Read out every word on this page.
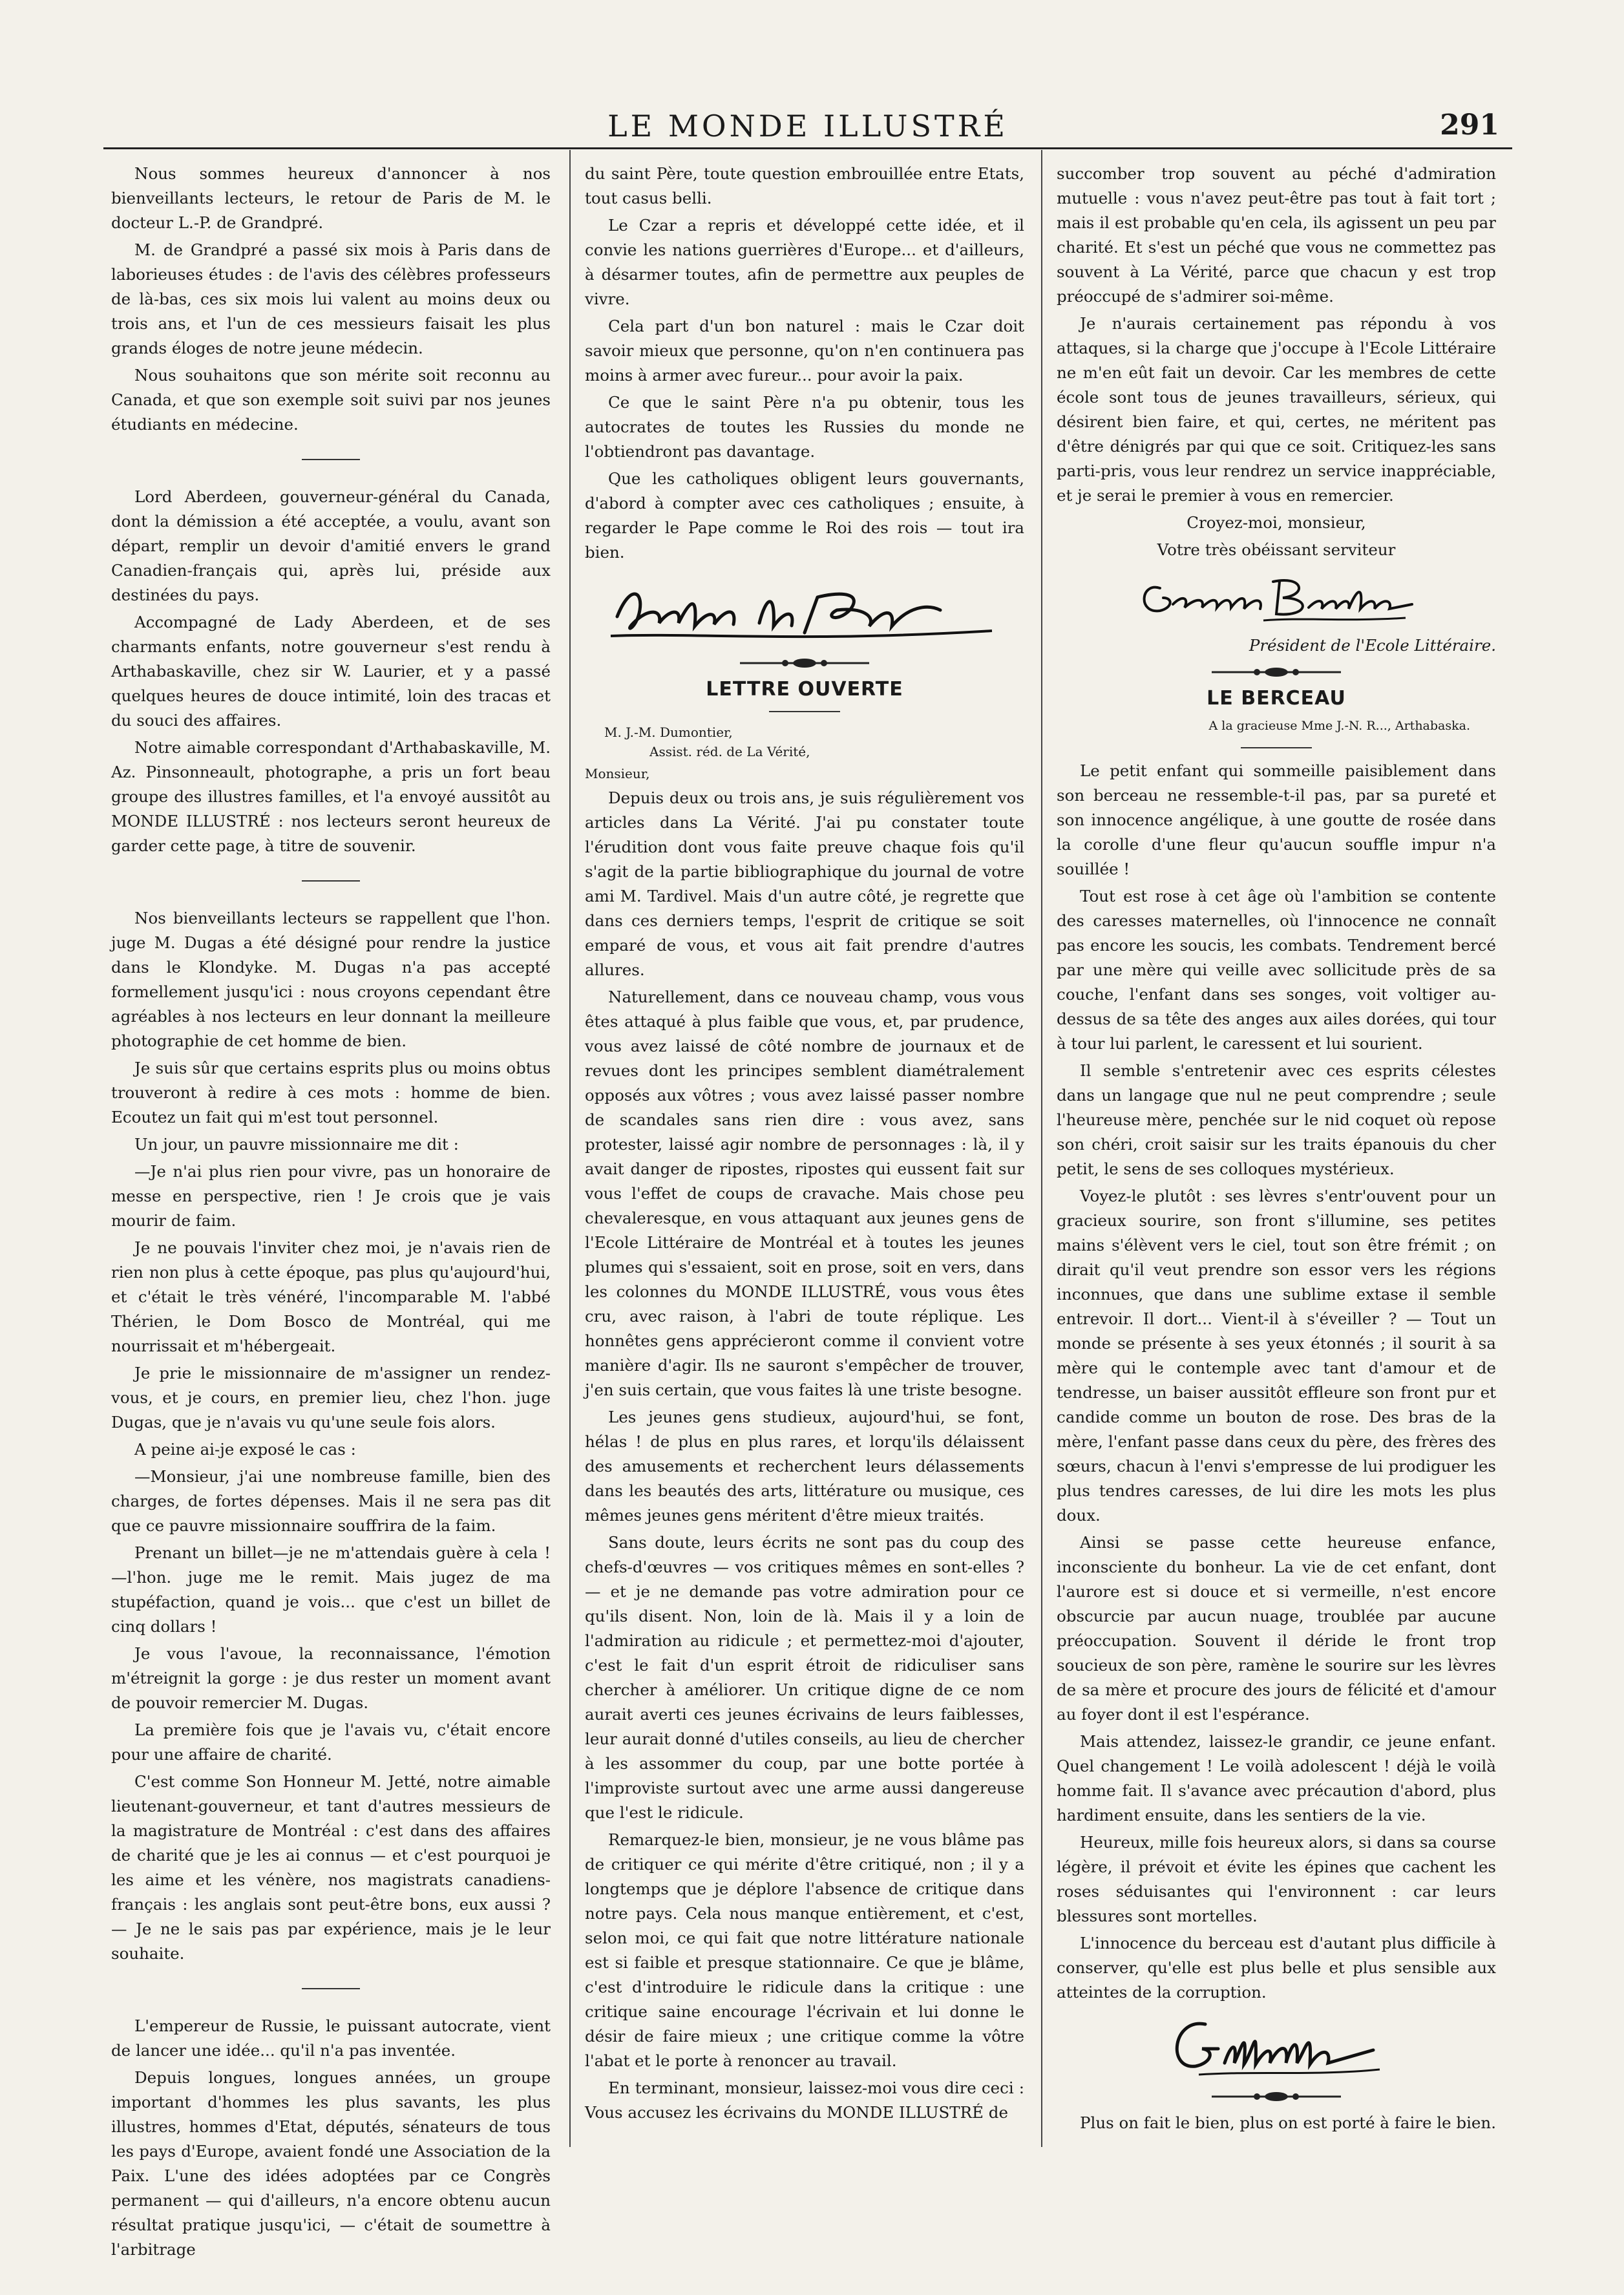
LE MONDE ILLUSTRÉ	291

Nous sommes heureux d'annoncer à nos bienveillants lecteurs, le retour de Paris de M. le docteur L.-P. de Grandpré.

M. de Grandpré a passé six mois à Paris dans de laborieuses études : de l'avis des célèbres professeurs de là-bas, ces six mois lui valent au moins deux ou trois ans, et l'un de ces messieurs faisait les plus grands éloges de notre jeune médecin.

Nous souhaitons que son mérite soit reconnu au Canada, et que son exemple soit suivi par nos jeunes étudiants en médecine.

Lord Aberdeen, gouverneur-général du Canada, dont la démission a été acceptée, a voulu, avant son départ, remplir un devoir d'amitié envers le grand Canadien-français qui, après lui, préside aux destinées du pays.

Accompagné de Lady Aberdeen, et de ses charmants enfants, notre gouverneur s'est rendu à Arthabaskaville, chez sir W. Laurier, et y a passé quelques heures de douce intimité, loin des tracas et du souci des affaires.

Notre aimable correspondant d'Arthabaskaville, M. Az. Pinsonneault, photographe, a pris un fort beau groupe des illustres familles, et l'a envoyé aussitôt au MONDE ILLUSTRÉ : nos lecteurs seront heureux de garder cette page, à titre de souvenir.

Nos bienveillants lecteurs se rappellent que l'hon. juge M. Dugas a été désigné pour rendre la justice dans le Klondyke. M. Dugas n'a pas accepté formellement jusqu'ici : nous croyons cependant être agréables à nos lecteurs en leur donnant la meilleure photographie de cet homme de bien.

Je suis sûr que certains esprits plus ou moins obtus trouveront à redire à ces mots : homme de bien. Ecoutez un fait qui m'est tout personnel.

Un jour, un pauvre missionnaire me dit :

—Je n'ai plus rien pour vivre, pas un honoraire de messe en perspective, rien ! Je crois que je vais mourir de faim.

Je ne pouvais l'inviter chez moi, je n'avais rien de rien non plus à cette époque, pas plus qu'aujourd'hui, et c'était le très vénéré, l'incomparable M. l'abbé Thérien, le Dom Bosco de Montréal, qui me nourrissait et m'hébergeait.

Je prie le missionnaire de m'assigner un rendez-vous, et je cours, en premier lieu, chez l'hon. juge Dugas, que je n'avais vu qu'une seule fois alors.

A peine ai-je exposé le cas :

—Monsieur, j'ai une nombreuse famille, bien des charges, de fortes dépenses. Mais il ne sera pas dit que ce pauvre missionnaire souffrira de la faim.

Prenant un billet—je ne m'attendais guère à cela !—l'hon. juge me le remit. Mais jugez de ma stupéfaction, quand je vois... que c'est un billet de cinq dollars !

Je vous l'avoue, la reconnaissance, l'émotion m'étreignit la gorge : je dus rester un moment avant de pouvoir remercier M. Dugas.

La première fois que je l'avais vu, c'était encore pour une affaire de charité.

C'est comme Son Honneur M. Jetté, notre aimable lieutenant-gouverneur, et tant d'autres messieurs de la magistrature de Montréal : c'est dans des affaires de charité que je les ai connus — et c'est pourquoi je les aime et les vénère, nos magistrats canadiens-français : les anglais sont peut-être bons, eux aussi ? — Je ne le sais pas par expérience, mais je le leur souhaite.

L'empereur de Russie, le puissant autocrate, vient de lancer une idée... qu'il n'a pas inventée.

Depuis longues, longues années, un groupe important d'hommes les plus savants, les plus illustres, hommes d'Etat, députés, sénateurs de tous les pays d'Europe, avaient fondé une Association de la Paix. L'une des idées adoptées par ce Congrès permanent — qui d'ailleurs, n'a encore obtenu aucun résultat pratique jusqu'ici, — c'était de soumettre à l'arbitrage

du saint Père, toute question embrouillée entre Etats, tout casus belli.

Le Czar a repris et développé cette idée, et il convie les nations guerrières d'Europe... et d'ailleurs, à désarmer toutes, afin de permettre aux peuples de vivre.

Cela part d'un bon naturel : mais le Czar doit savoir mieux que personne, qu'on n'en continuera pas moins à armer avec fureur... pour avoir la paix.

Ce que le saint Père n'a pu obtenir, tous les autocrates de toutes les Russies du monde ne l'obtiendront pas davantage.

Que les catholiques obligent leurs gouvernants, d'abord à compter avec ces catholiques ; ensuite, à regarder le Pape comme le Roi des rois — tout ira bien.

LETTRE OUVERTE
M. J.-M. Dumontier,
Assist. réd. de La Vérité,
Monsieur,

Depuis deux ou trois ans, je suis régulièrement vos articles dans La Vérité. J'ai pu constater toute l'érudition dont vous faite preuve chaque fois qu'il s'agit de la partie bibliographique du journal de votre ami M. Tardivel. Mais d'un autre côté, je regrette que dans ces derniers temps, l'esprit de critique se soit emparé de vous, et vous ait fait prendre d'autres allures.

Naturellement, dans ce nouveau champ, vous vous êtes attaqué à plus faible que vous, et, par prudence, vous avez laissé de côté nombre de journaux et de revues dont les principes semblent diamétralement opposés aux vôtres ; vous avez laissé passer nombre de scandales sans rien dire : vous avez, sans protester, laissé agir nombre de personnages : là, il y avait danger de ripostes, ripostes qui eussent fait sur vous l'effet de coups de cravache. Mais chose peu chevaleresque, en vous attaquant aux jeunes gens de l'Ecole Littéraire de Montréal et à toutes les jeunes plumes qui s'essaient, soit en prose, soit en vers, dans les colonnes du MONDE ILLUSTRÉ, vous vous êtes cru, avec raison, à l'abri de toute réplique. Les honnêtes gens apprécieront comme il convient votre manière d'agir. Ils ne sauront s'empêcher de trouver, j'en suis certain, que vous faites là une triste besogne.

Les jeunes gens studieux, aujourd'hui, se font, hélas ! de plus en plus rares, et lorqu'ils délaissent des amusements et recherchent leurs délassements dans les beautés des arts, littérature ou musique, ces mêmes jeunes gens méritent d'être mieux traités.

Sans doute, leurs écrits ne sont pas du coup des chefs-d'œuvres — vos critiques mêmes en sont-elles ? — et je ne demande pas votre admiration pour ce qu'ils disent. Non, loin de là. Mais il y a loin de l'admiration au ridicule ; et permettez-moi d'ajouter, c'est le fait d'un esprit étroit de ridiculiser sans chercher à améliorer. Un critique digne de ce nom aurait averti ces jeunes écrivains de leurs faiblesses, leur aurait donné d'utiles conseils, au lieu de chercher à les assommer du coup, par une botte portée à l'improviste surtout avec une arme aussi dangereuse que l'est le ridicule.

Remarquez-le bien, monsieur, je ne vous blâme pas de critiquer ce qui mérite d'être critiqué, non ; il y a longtemps que je déplore l'absence de critique dans notre pays. Cela nous manque entièrement, et c'est, selon moi, ce qui fait que notre littérature nationale est si faible et presque stationnaire. Ce que je blâme, c'est d'introduire le ridicule dans la critique : une critique saine encourage l'écrivain et lui donne le désir de faire mieux ; une critique comme la vôtre l'abat et le porte à renoncer au travail.

En terminant, monsieur, laissez-moi vous dire ceci : Vous accusez les écrivains du MONDE ILLUSTRÉ de

succomber trop souvent au péché d'admiration mutuelle : vous n'avez peut-être pas tout à fait tort ; mais il est probable qu'en cela, ils agissent un peu par charité. Et s'est un péché que vous ne commettez pas souvent à La Vérité, parce que chacun y est trop préoccupé de s'admirer soi-même.

Je n'aurais certainement pas répondu à vos attaques, si la charge que j'occupe à l'Ecole Littéraire ne m'en eût fait un devoir. Car les membres de cette école sont tous de jeunes travailleurs, sérieux, qui désirent bien faire, et qui, certes, ne méritent pas d'être dénigrés par qui que ce soit. Critiquez-les sans parti-pris, vous leur rendrez un service inappréciable, et je serai le premier à vous en remercier.

Croyez-moi, monsieur,

Votre très obéissant serviteur

Président de l'Ecole Littéraire.

LE BERCEAU
A la gracieuse Mme J.-N. R..., Arthabaska.

Le petit enfant qui sommeille paisiblement dans son berceau ne ressemble-t-il pas, par sa pureté et son innocence angélique, à une goutte de rosée dans la corolle d'une fleur qu'aucun souffle impur n'a souillée !

Tout est rose à cet âge où l'ambition se contente des caresses maternelles, où l'innocence ne connaît pas encore les soucis, les combats. Tendrement bercé par une mère qui veille avec sollicitude près de sa couche, l'enfant dans ses songes, voit voltiger au-dessus de sa tête des anges aux ailes dorées, qui tour à tour lui parlent, le caressent et lui sourient.

Il semble s'entretenir avec ces esprits célestes dans un langage que nul ne peut comprendre ; seule l'heureuse mère, penchée sur le nid coquet où repose son chéri, croit saisir sur les traits épanouis du cher petit, le sens de ses colloques mystérieux.

Voyez-le plutôt : ses lèvres s'entr'ouvent pour un gracieux sourire, son front s'illumine, ses petites mains s'élèvent vers le ciel, tout son être frémit ; on dirait qu'il veut prendre son essor vers les régions inconnues, que dans une sublime extase il semble entrevoir. Il dort... Vient-il à s'éveiller ? — Tout un monde se présente à ses yeux étonnés ; il sourit à sa mère qui le contemple avec tant d'amour et de tendresse, un baiser aussitôt effleure son front pur et candide comme un bouton de rose. Des bras de la mère, l'enfant passe dans ceux du père, des frères des sœurs, chacun à l'envi s'empresse de lui prodiguer les plus tendres caresses, de lui dire les mots les plus doux.

Ainsi se passe cette heureuse enfance, inconsciente du bonheur. La vie de cet enfant, dont l'aurore est si douce et si vermeille, n'est encore obscurcie par aucun nuage, troublée par aucune préoccupation. Souvent il déride le front trop soucieux de son père, ramène le sourire sur les lèvres de sa mère et procure des jours de félicité et d'amour au foyer dont il est l'espérance.

Mais attendez, laissez-le grandir, ce jeune enfant. Quel changement ! Le voilà adolescent ! déjà le voilà homme fait. Il s'avance avec précaution d'abord, plus hardiment ensuite, dans les sentiers de la vie.

Heureux, mille fois heureux alors, si dans sa course légère, il prévoit et évite les épines que cachent les roses séduisantes qui l'environnent : car leurs blessures sont mortelles.

L'innocence du berceau est d'autant plus difficile à conserver, qu'elle est plus belle et plus sensible aux atteintes de la corruption.

Plus on fait le bien, plus on est porté à faire le bien.
